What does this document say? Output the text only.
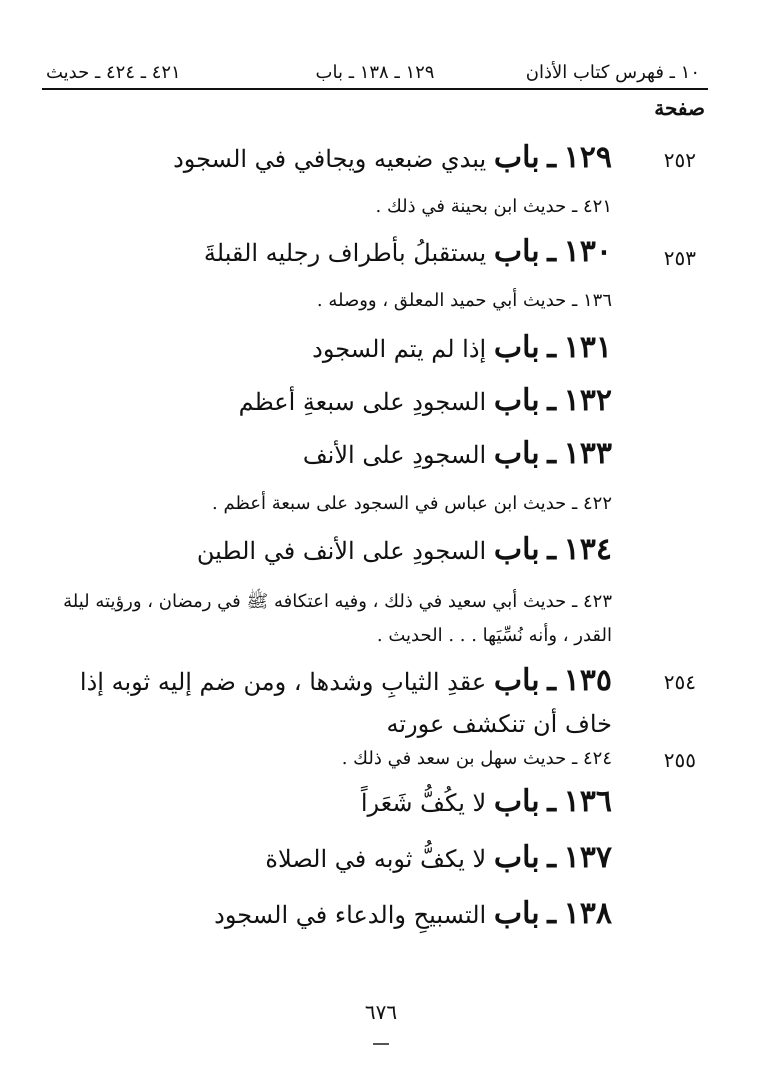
١٠ ـ فهرس كتاب الأذان
١٢٩ ـ ١٣٨ ـ باب
٤٢١ ـ ٤٢٤ ـ حديث
صفحة
٢٥٢
١٢٩ ـ باب يبدي ضبعيه ويجافي في السجود
٤٢١ ـ حديث ابن بحينة في ذلك .
٢٥٣
١٣٠ ـ باب يستقبلُ بأطراف رجليه القبلةَ
١٣٦ ـ حديث أبي حميد المعلق ، ووصله .
١٣١ ـ باب إذا لم يتم السجود
١٣٢ ـ باب السجودِ على سبعةِ أعظم
١٣٣ ـ باب السجودِ على الأنف
٤٢٢ ـ حديث ابن عباس في السجود على سبعة أعظم .
١٣٤ ـ باب السجودِ على الأنف في الطين
٤٢٣ ـ حديث أبي سعيد في ذلك ، وفيه اعتكافه ﷺ في رمضان ، ورؤيته ليلة القدر ، وأنه نُسِّيَها . . . الحديث .
٢٥٤
١٣٥ ـ باب عقدِ الثيابِ وشدها ، ومن ضم إليه ثوبه إذا خاف أن تنكشف عورته
٢٥٥
٤٢٤ ـ حديث سهل بن سعد في ذلك .
١٣٦ ـ باب لا يكُفُّ شَعَراً
١٣٧ ـ باب لا يكفُّ ثوبه في الصلاة
١٣٨ ـ باب التسبيحِ والدعاء في السجود
٦٧٦
